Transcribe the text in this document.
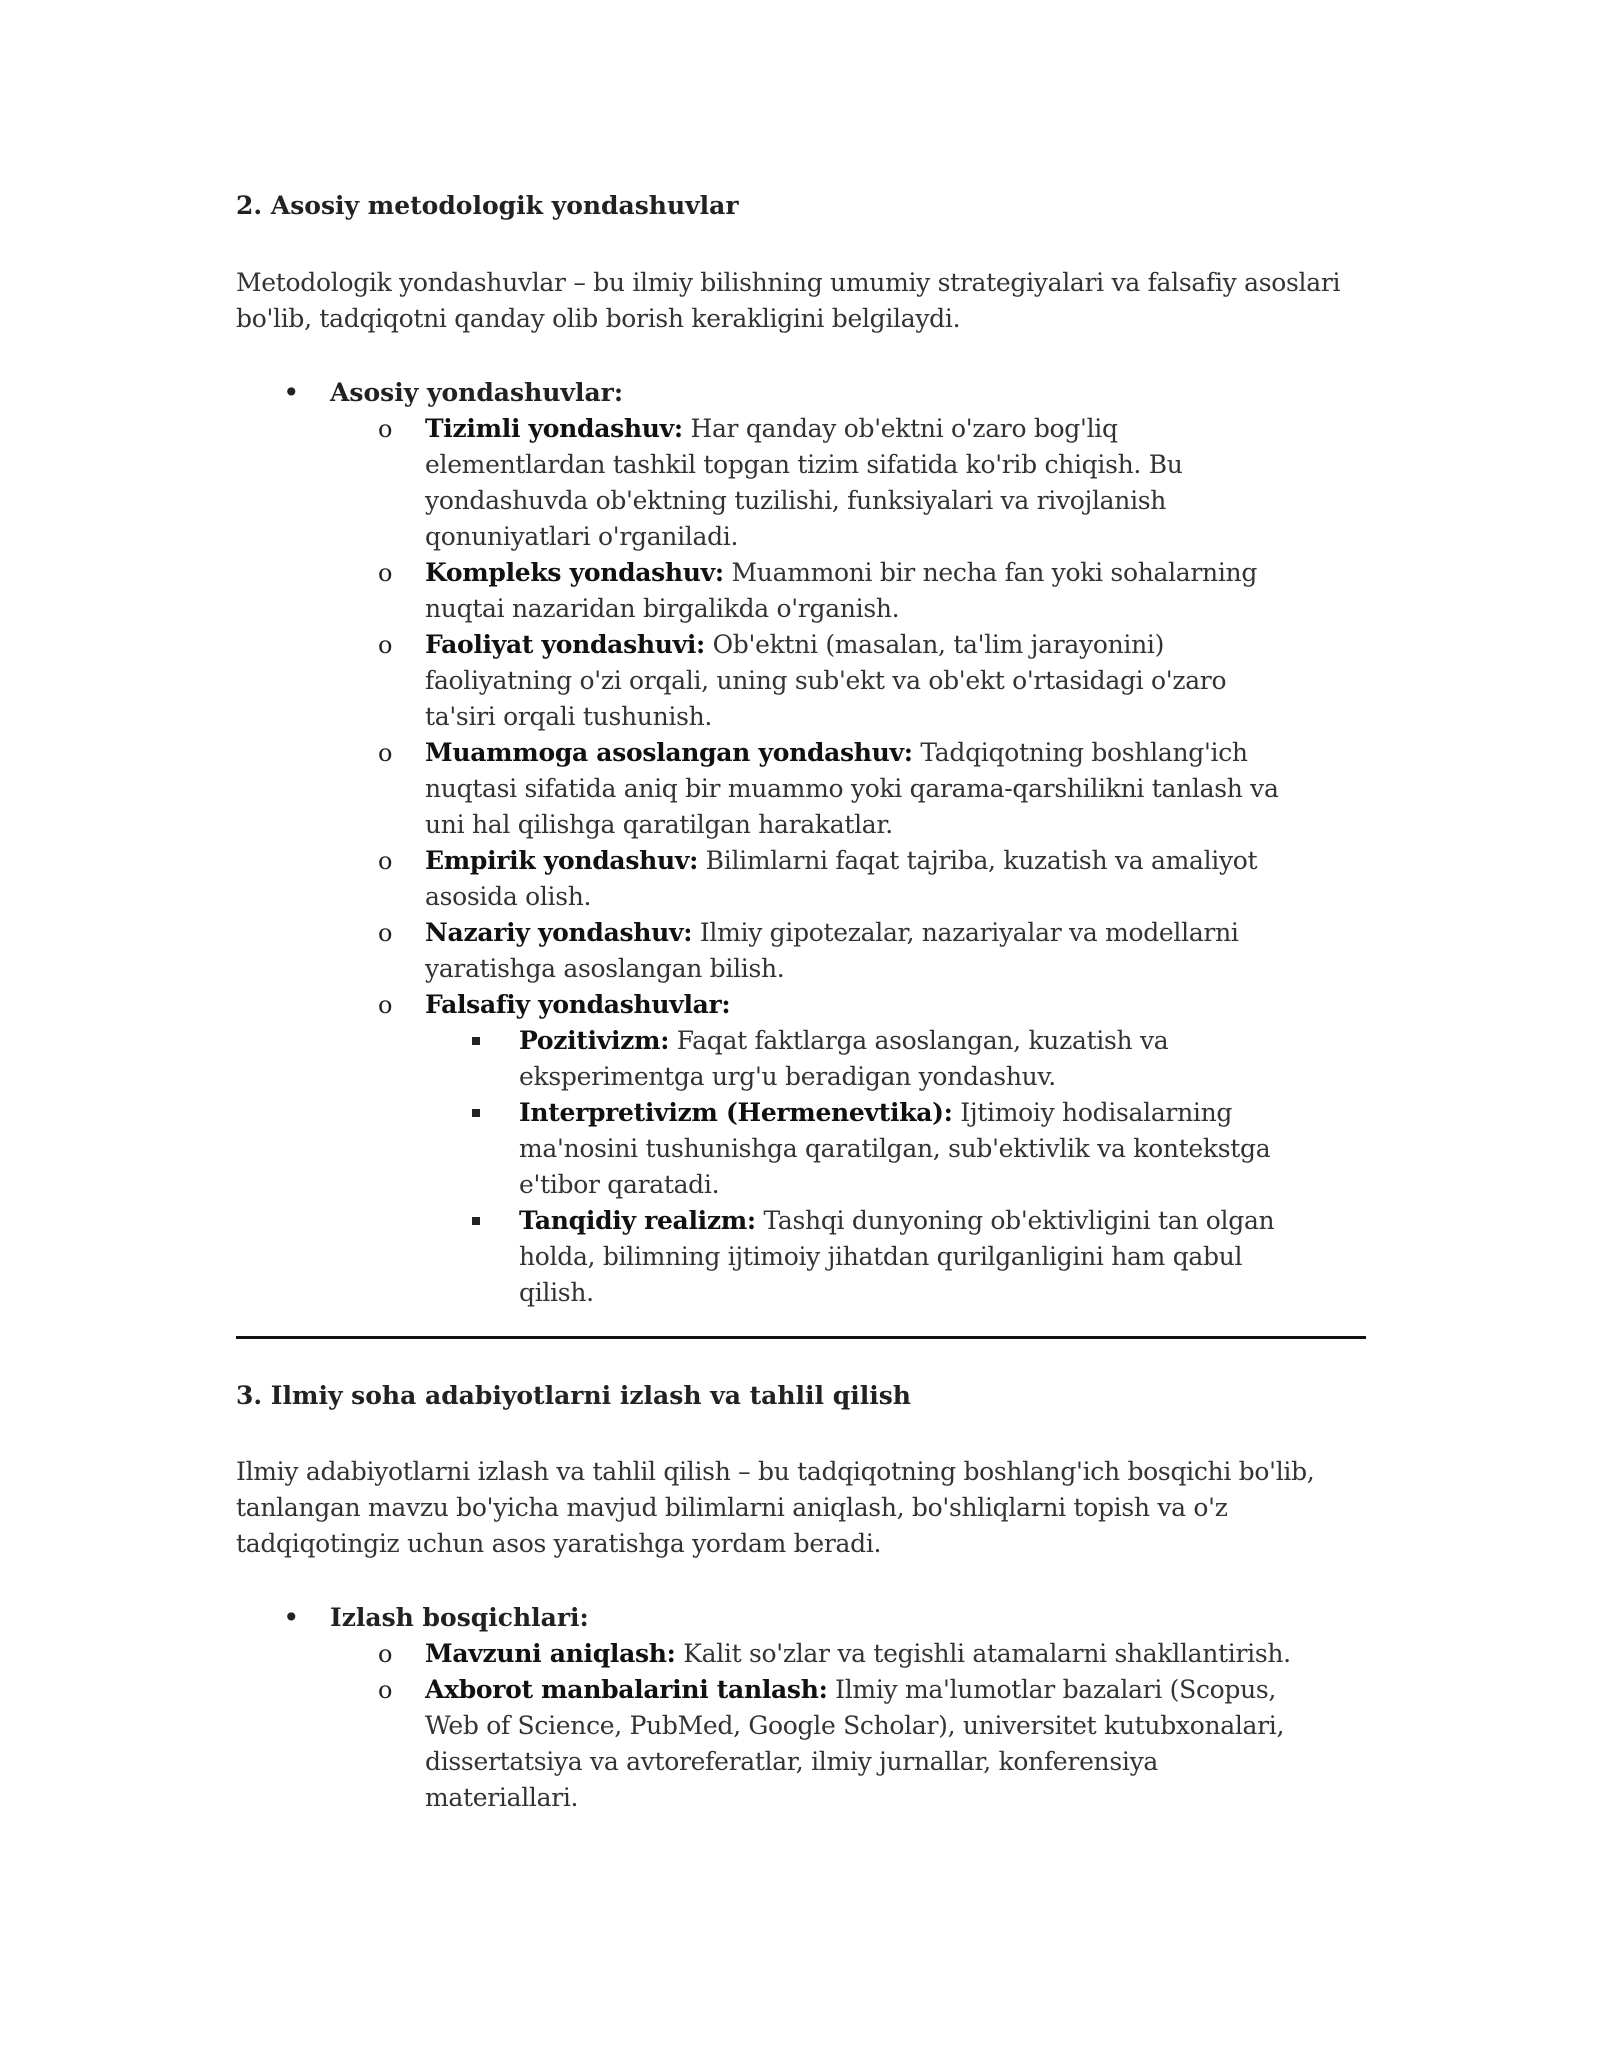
2. Asosiy metodologik yondashuvlar

Metodologik yondashuvlar – bu ilmiy bilishning umumiy strategiyalari va falsafiy asoslari bo'lib, tadqiqotni qanday olib borish kerakligini belgilaydi.

• Asosiy yondashuvlar:
o Tizimli yondashuv: Har qanday ob'ektni o'zaro bog'liq elementlardan tashkil topgan tizim sifatida ko'rib chiqish. Bu yondashuvda ob'ektning tuzilishi, funksiyalari va rivojlanish qonuniyatlari o'rganiladi.
o Kompleks yondashuv: Muammoni bir necha fan yoki sohalarning nuqtai nazaridan birgalikda o'rganish.
o Faoliyat yondashuvi: Ob'ektni (masalan, ta'lim jarayonini) faoliyatning o'zi orqali, uning sub'ekt va ob'ekt o'rtasidagi o'zaro ta'siri orqali tushunish.
o Muammoga asoslangan yondashuv: Tadqiqotning boshlang'ich nuqtasi sifatida aniq bir muammo yoki qarama-qarshilikni tanlash va uni hal qilishga qaratilgan harakatlar.
o Empirik yondashuv: Bilimlarni faqat tajriba, kuzatish va amaliyot asosida olish.
o Nazariy yondashuv: Ilmiy gipotezalar, nazariyalar va modellarni yaratishga asoslangan bilish.
o Falsafiy yondashuvlar:
Pozitivizm: Faqat faktlarga asoslangan, kuzatish va eksperimentga urg'u beradigan yondashuv.
Interpretivizm (Hermenevtika): Ijtimoiy hodisalarning ma'nosini tushunishga qaratilgan, sub'ektivlik va kontekstga e'tibor qaratadi.
Tanqidiy realizm: Tashqi dunyoning ob'ektivligini tan olgan holda, bilimning ijtimoiy jihatdan qurilganligini ham qabul qilish.
3. Ilmiy soha adabiyotlarni izlash va tahlil qilish

Ilmiy adabiyotlarni izlash va tahlil qilish – bu tadqiqotning boshlang'ich bosqichi bo'lib, tanlangan mavzu bo'yicha mavjud bilimlarni aniqlash, bo'shliqlarni topish va o'z tadqiqotingiz uchun asos yaratishga yordam beradi.

• Izlash bosqichlari:
o Mavzuni aniqlash: Kalit so'zlar va tegishli atamalarni shakllantirish.
o Axborot manbalarini tanlash: Ilmiy ma'lumotlar bazalari (Scopus, Web of Science, PubMed, Google Scholar), universitet kutubxonalari, dissertatsiya va avtoreferatlar, ilmiy jurnallar, konferensiya materiallari.
